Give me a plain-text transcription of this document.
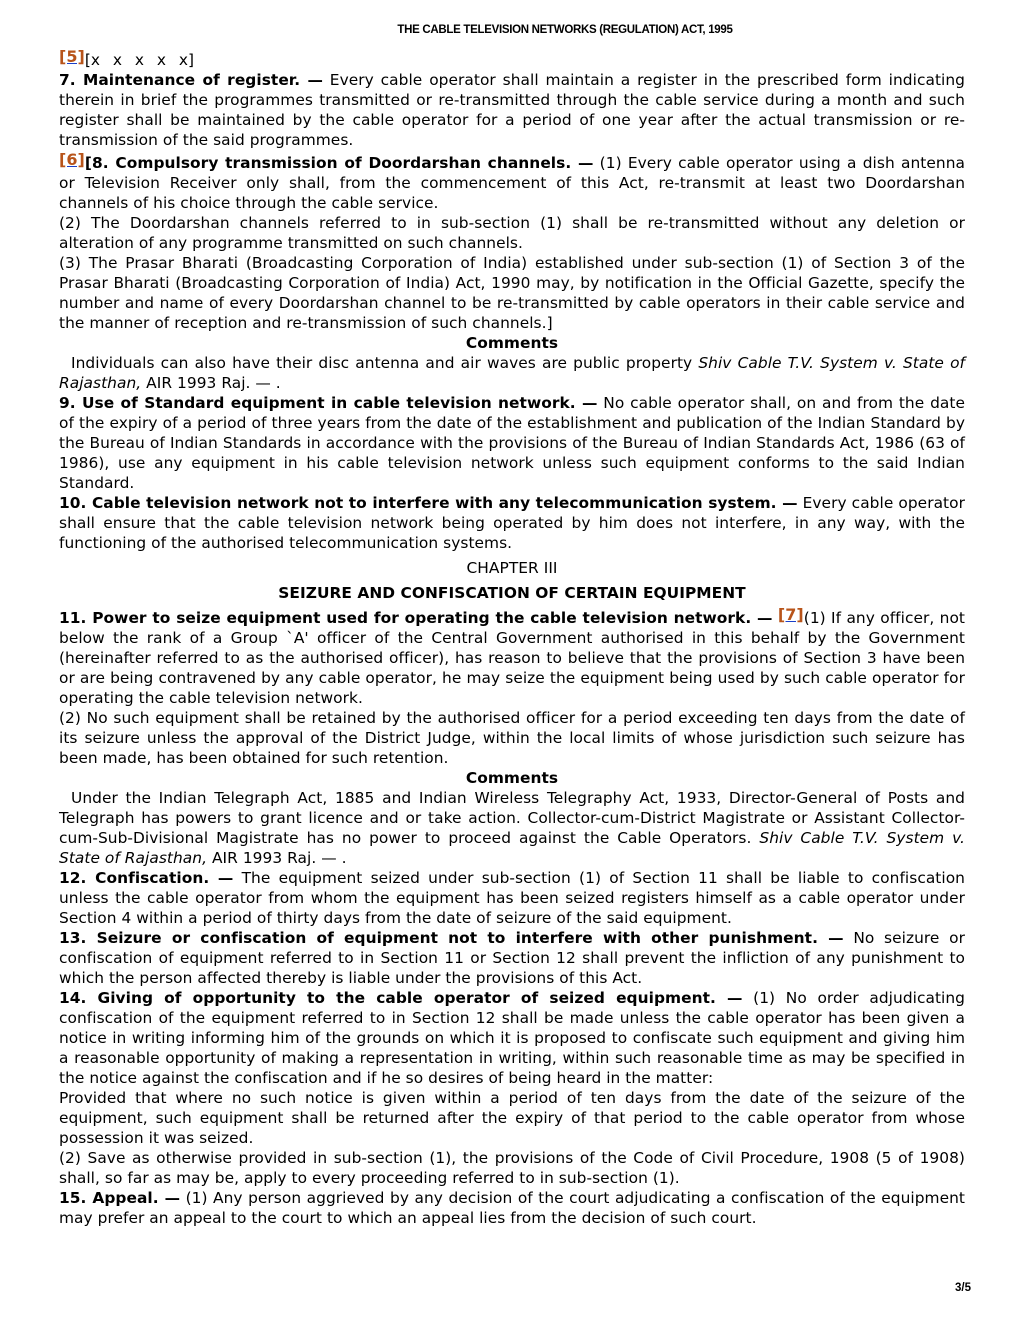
THE CABLE TELEVISION NETWORKS (REGULATION) ACT, 1995

[5][x x x x x]

7. Maintenance of register. — Every cable operator shall maintain a register in the prescribed form indicating therein in brief the programmes transmitted or re-transmitted through the cable service during a month and such register shall be maintained by the cable operator for a period of one year after the actual transmission or re-transmission of the said programmes.

[6][8. Compulsory transmission of Doordarshan channels. — (1) Every cable operator using a dish antenna or Television Receiver only shall, from the commencement of this Act, re-transmit at least two Doordarshan channels of his choice through the cable service.

(2) The Doordarshan channels referred to in sub-section (1) shall be re-transmitted without any deletion or alteration of any programme transmitted on such channels.

(3) The Prasar Bharati (Broadcasting Corporation of India) established under sub-section (1) of Section 3 of the Prasar Bharati (Broadcasting Corporation of India) Act, 1990 may, by notification in the Official Gazette, specify the number and name of every Doordarshan channel to be re-transmitted by cable operators in their cable service and the manner of reception and re-transmission of such channels.]

Comments

Individuals can also have their disc antenna and air waves are public property Shiv Cable T.V. System v. State of Rajasthan, AIR 1993 Raj. — .

9. Use of Standard equipment in cable television network. — No cable operator shall, on and from the date of the expiry of a period of three years from the date of the establishment and publication of the Indian Standard by the Bureau of Indian Standards in accordance with the provisions of the Bureau of Indian Standards Act, 1986 (63 of 1986), use any equipment in his cable television network unless such equipment conforms to the said Indian Standard.

10. Cable television network not to interfere with any telecommunication system. — Every cable operator shall ensure that the cable television network being operated by him does not interfere, in any way, with the functioning of the authorised telecommunication systems.

CHAPTER III

SEIZURE AND CONFISCATION OF CERTAIN EQUIPMENT

11. Power to seize equipment used for operating the cable television network. — [7](1) If any officer, not below the rank of a Group `A' officer of the Central Government authorised in this behalf by the Government (hereinafter referred to as the authorised officer), has reason to believe that the provisions of Section 3 have been or are being contravened by any cable operator, he may seize the equipment being used by such cable operator for operating the cable television network.

(2) No such equipment shall be retained by the authorised officer for a period exceeding ten days from the date of its seizure unless the approval of the District Judge, within the local limits of whose jurisdiction such seizure has been made, has been obtained for such retention.

Comments

Under the Indian Telegraph Act, 1885 and Indian Wireless Telegraphy Act, 1933, Director-General of Posts and Telegraph has powers to grant licence and or take action. Collector-cum-District Magistrate or Assistant Collector-cum-Sub-Divisional Magistrate has no power to proceed against the Cable Operators. Shiv Cable T.V. System v. State of Rajasthan, AIR 1993 Raj. — .

12. Confiscation. — The equipment seized under sub-section (1) of Section 11 shall be liable to confiscation unless the cable operator from whom the equipment has been seized registers himself as a cable operator under Section 4 within a period of thirty days from the date of seizure of the said equipment.

13. Seizure or confiscation of equipment not to interfere with other punishment. — No seizure or confiscation of equipment referred to in Section 11 or Section 12 shall prevent the infliction of any punishment to which the person affected thereby is liable under the provisions of this Act.

14. Giving of opportunity to the cable operator of seized equipment. — (1) No order adjudicating confiscation of the equipment referred to in Section 12 shall be made unless the cable operator has been given a notice in writing informing him of the grounds on which it is proposed to confiscate such equipment and giving him a reasonable opportunity of making a representation in writing, within such reasonable time as may be specified in the notice against the confiscation and if he so desires of being heard in the matter:

Provided that where no such notice is given within a period of ten days from the date of the seizure of the equipment, such equipment shall be returned after the expiry of that period to the cable operator from whose possession it was seized.

(2) Save as otherwise provided in sub-section (1), the provisions of the Code of Civil Procedure, 1908 (5 of 1908) shall, so far as may be, apply to every proceeding referred to in sub-section (1).

15. Appeal. — (1) Any person aggrieved by any decision of the court adjudicating a confiscation of the equipment may prefer an appeal to the court to which an appeal lies from the decision of such court.

3/5
